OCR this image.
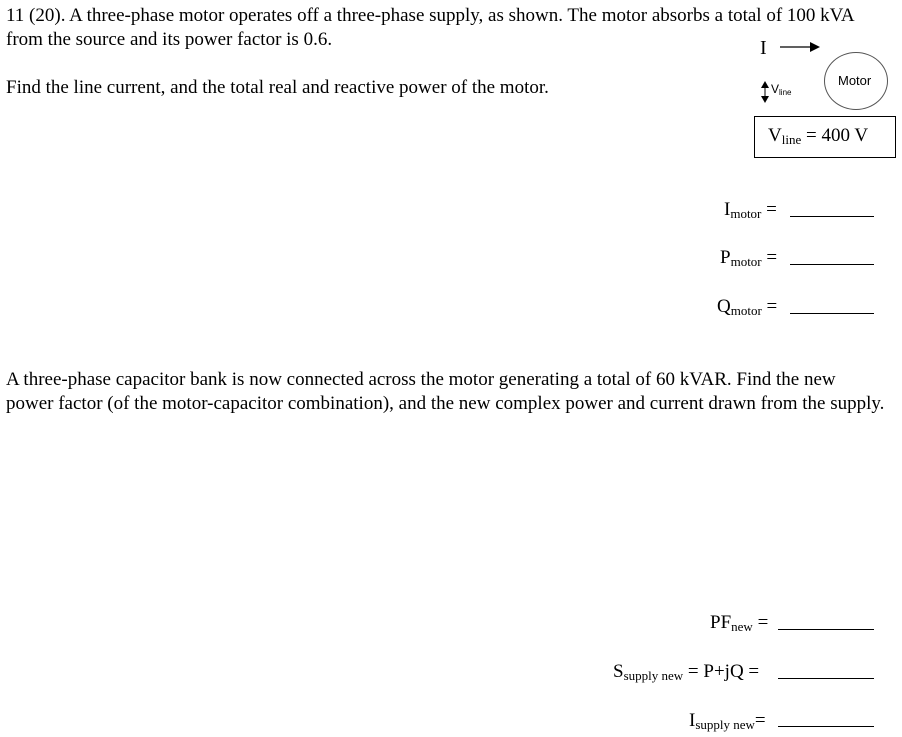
11 (20). A three-phase motor operates off a three-phase supply, as shown. The motor absorbs a total of 100 kVA from the source and its power factor is 0.6.
Find the line current, and the total real and reactive power of the motor.
I
Motor
$V_{line}$
$V_{line} = 400$ V
$I_{motor}$ =
$P_{motor}$ =
$Q_{motor}$ =
A three-phase capacitor bank is now connected across the motor generating a total of 60 kVAR. Find the new power factor (of the motor-capacitor combination), and the new complex power and current drawn from the supply.
$PF_{new}$ =
$S_{supply new} = P+jQ$ =
$I_{supply new}=$
